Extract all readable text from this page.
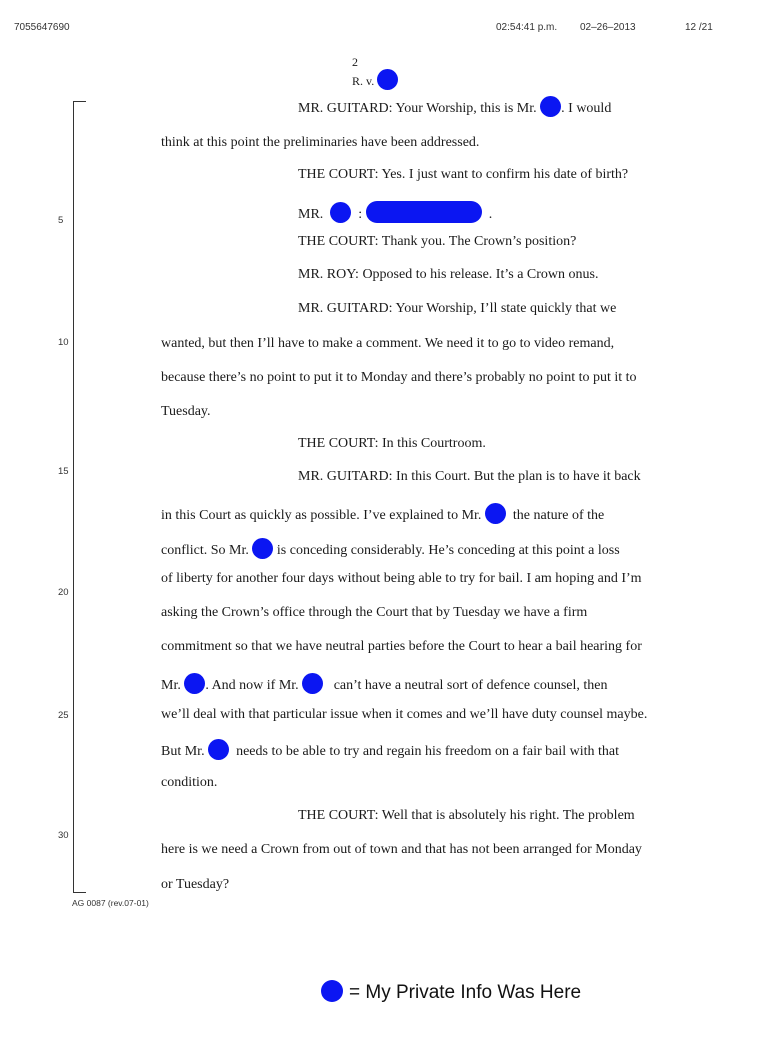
7055647690	02:54:41 p.m. 02–26–2013	12 /21
2
R. v.
5
10
15
20
25
30
MR. GUITARD: Your Worship, this is Mr. . I would
think at this point the preliminaries have been addressed.
THE COURT: Yes. I just want to confirm his date of birth?
MR.	:	.
THE COURT: Thank you. The Crown’s position?
MR. ROY: Opposed to his release. It’s a Crown onus.
MR. GUITARD: Your Worship, I’ll state quickly that we
wanted, but then I’ll have to make a comment. We need it to go to video remand,
because there’s no point to put it to Monday and there’s probably no point to put it to
Tuesday.
THE COURT: In this Courtroom.
MR. GUITARD: In this Court. But the plan is to have it back
in this Court as quickly as possible. I’ve explained to Mr. the nature of the
conflict. So Mr. is conceding considerably. He’s conceding at this point a loss
of liberty for another four days without being able to try for bail. I am hoping and I’m
asking the Crown’s office through the Court that by Tuesday we have a firm
commitment so that we have neutral parties before the Court to hear a bail hearing for
Mr. . And now if Mr.	can’t have a neutral sort of defence counsel, then
we’ll deal with that particular issue when it comes and we’ll have duty counsel maybe.
But Mr. needs to be able to try and regain his freedom on a fair bail with that
condition.
THE COURT: Well that is absolutely his right. The problem
here is we need a Crown from out of town and that has not been arranged for Monday
or Tuesday?
AG 0087 (rev.07-01)
= My Private Info Was Here
